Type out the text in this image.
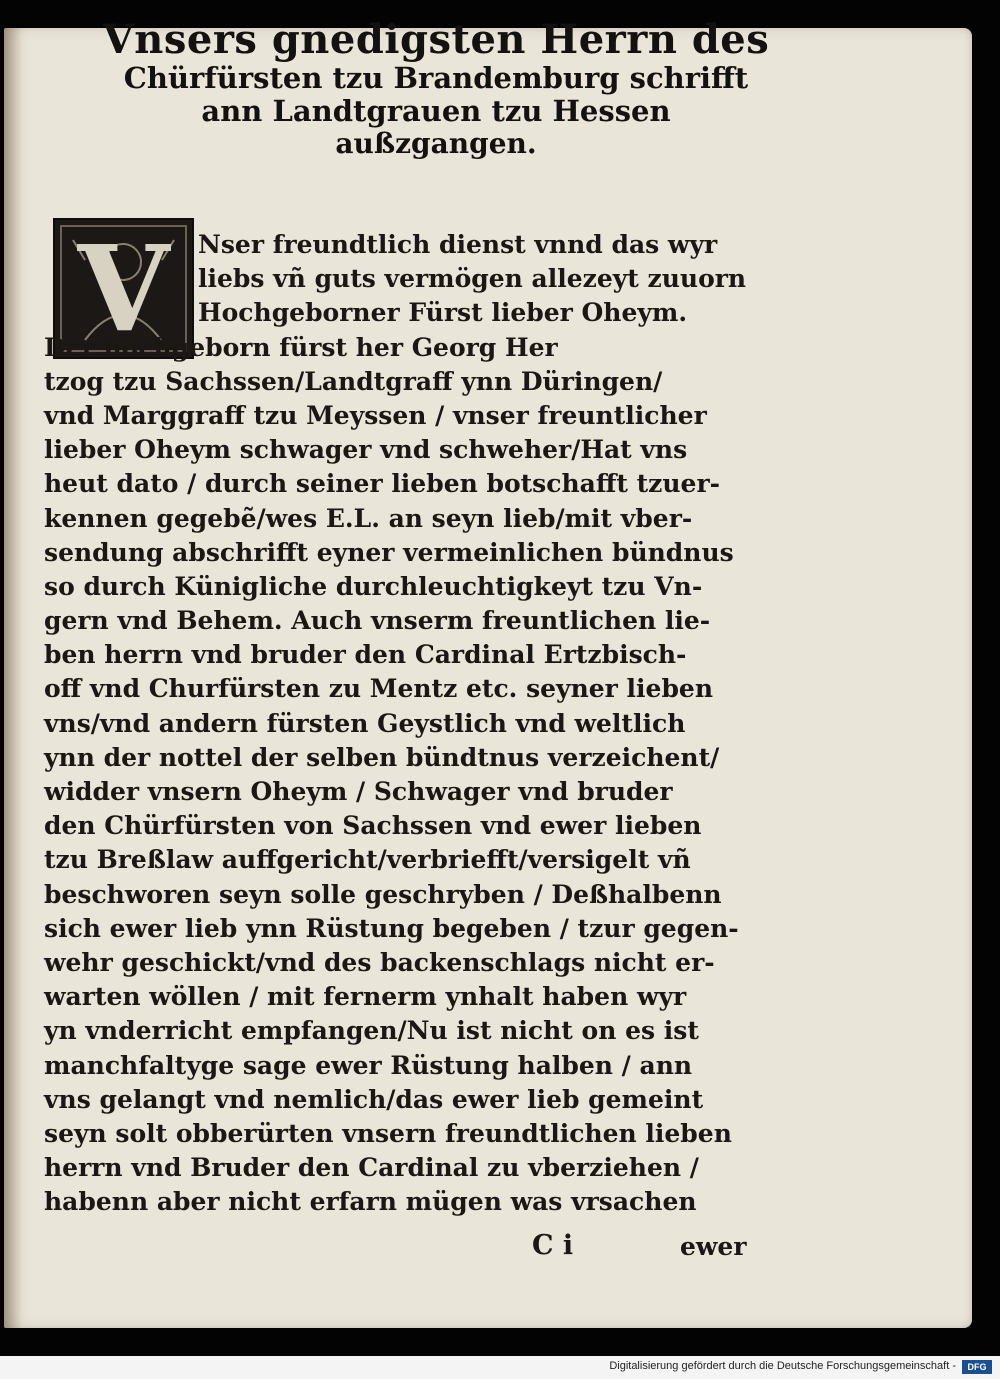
Vnsers gnedigsten Herrn des
Chürfürsten tzu Brandemburg schrifft
ann Landtgrauen tzu Hessen
außzgangen.
V	Nser freundtlich dienst vnnd das wyr
liebs vñ guts vermögen allezeyt zuuorn
Hochgeborner Fürst lieber Oheym.
Der hochgeborn fürst her Georg Her
tzog tzu Sachssen/Landtgraff ynn Düringen/
vnd Marggraff tzu Meyssen / vnser freuntlicher
lieber Oheym schwager vnd schweher/Hat vns
heut dato / durch seiner lieben botschafft tzuer-
kennen gegebẽ/wes E.L. an seyn lieb/mit vber-
sendung abschrifft eyner vermeinlichen bündnus
so durch Künigliche durchleuchtigkeyt tzu Vn-
gern vnd Behem. Auch vnserm freuntlichen lie-
ben herrn vnd bruder den Cardinal Ertzbisch-
off vnd Churfürsten zu Mentz etc. seyner lieben
vns/vnd andern fürsten Geystlich vnd weltlich
ynn der nottel der selben bündtnus verzeichent/
widder vnsern Oheym / Schwager vnd bruder
den Chürfürsten von Sachssen vnd ewer lieben
tzu Breßlaw auffgericht/verbriefft/versigelt vñ
beschworen seyn solle geschryben / Deßhalbenn
sich ewer lieb ynn Rüstung begeben / tzur gegen-
wehr geschickt/vnd des backenschlags nicht er-
warten wöllen / mit fernerm ynhalt haben wyr
yn vnderricht empfangen/Nu ist nicht on es ist
manchfaltyge sage ewer Rüstung halben / ann
vns gelangt vnd nemlich/das ewer lieb gemeint
seyn solt obberürten vnsern freundtlichen lieben
herrn vnd Bruder den Cardinal zu vberziehen /
habenn aber nicht erfarn mügen was vrsachen
C i	ewer
Digitalisierung gefördert durch die Deutsche Forschungsgemeinschaft -	DFG
